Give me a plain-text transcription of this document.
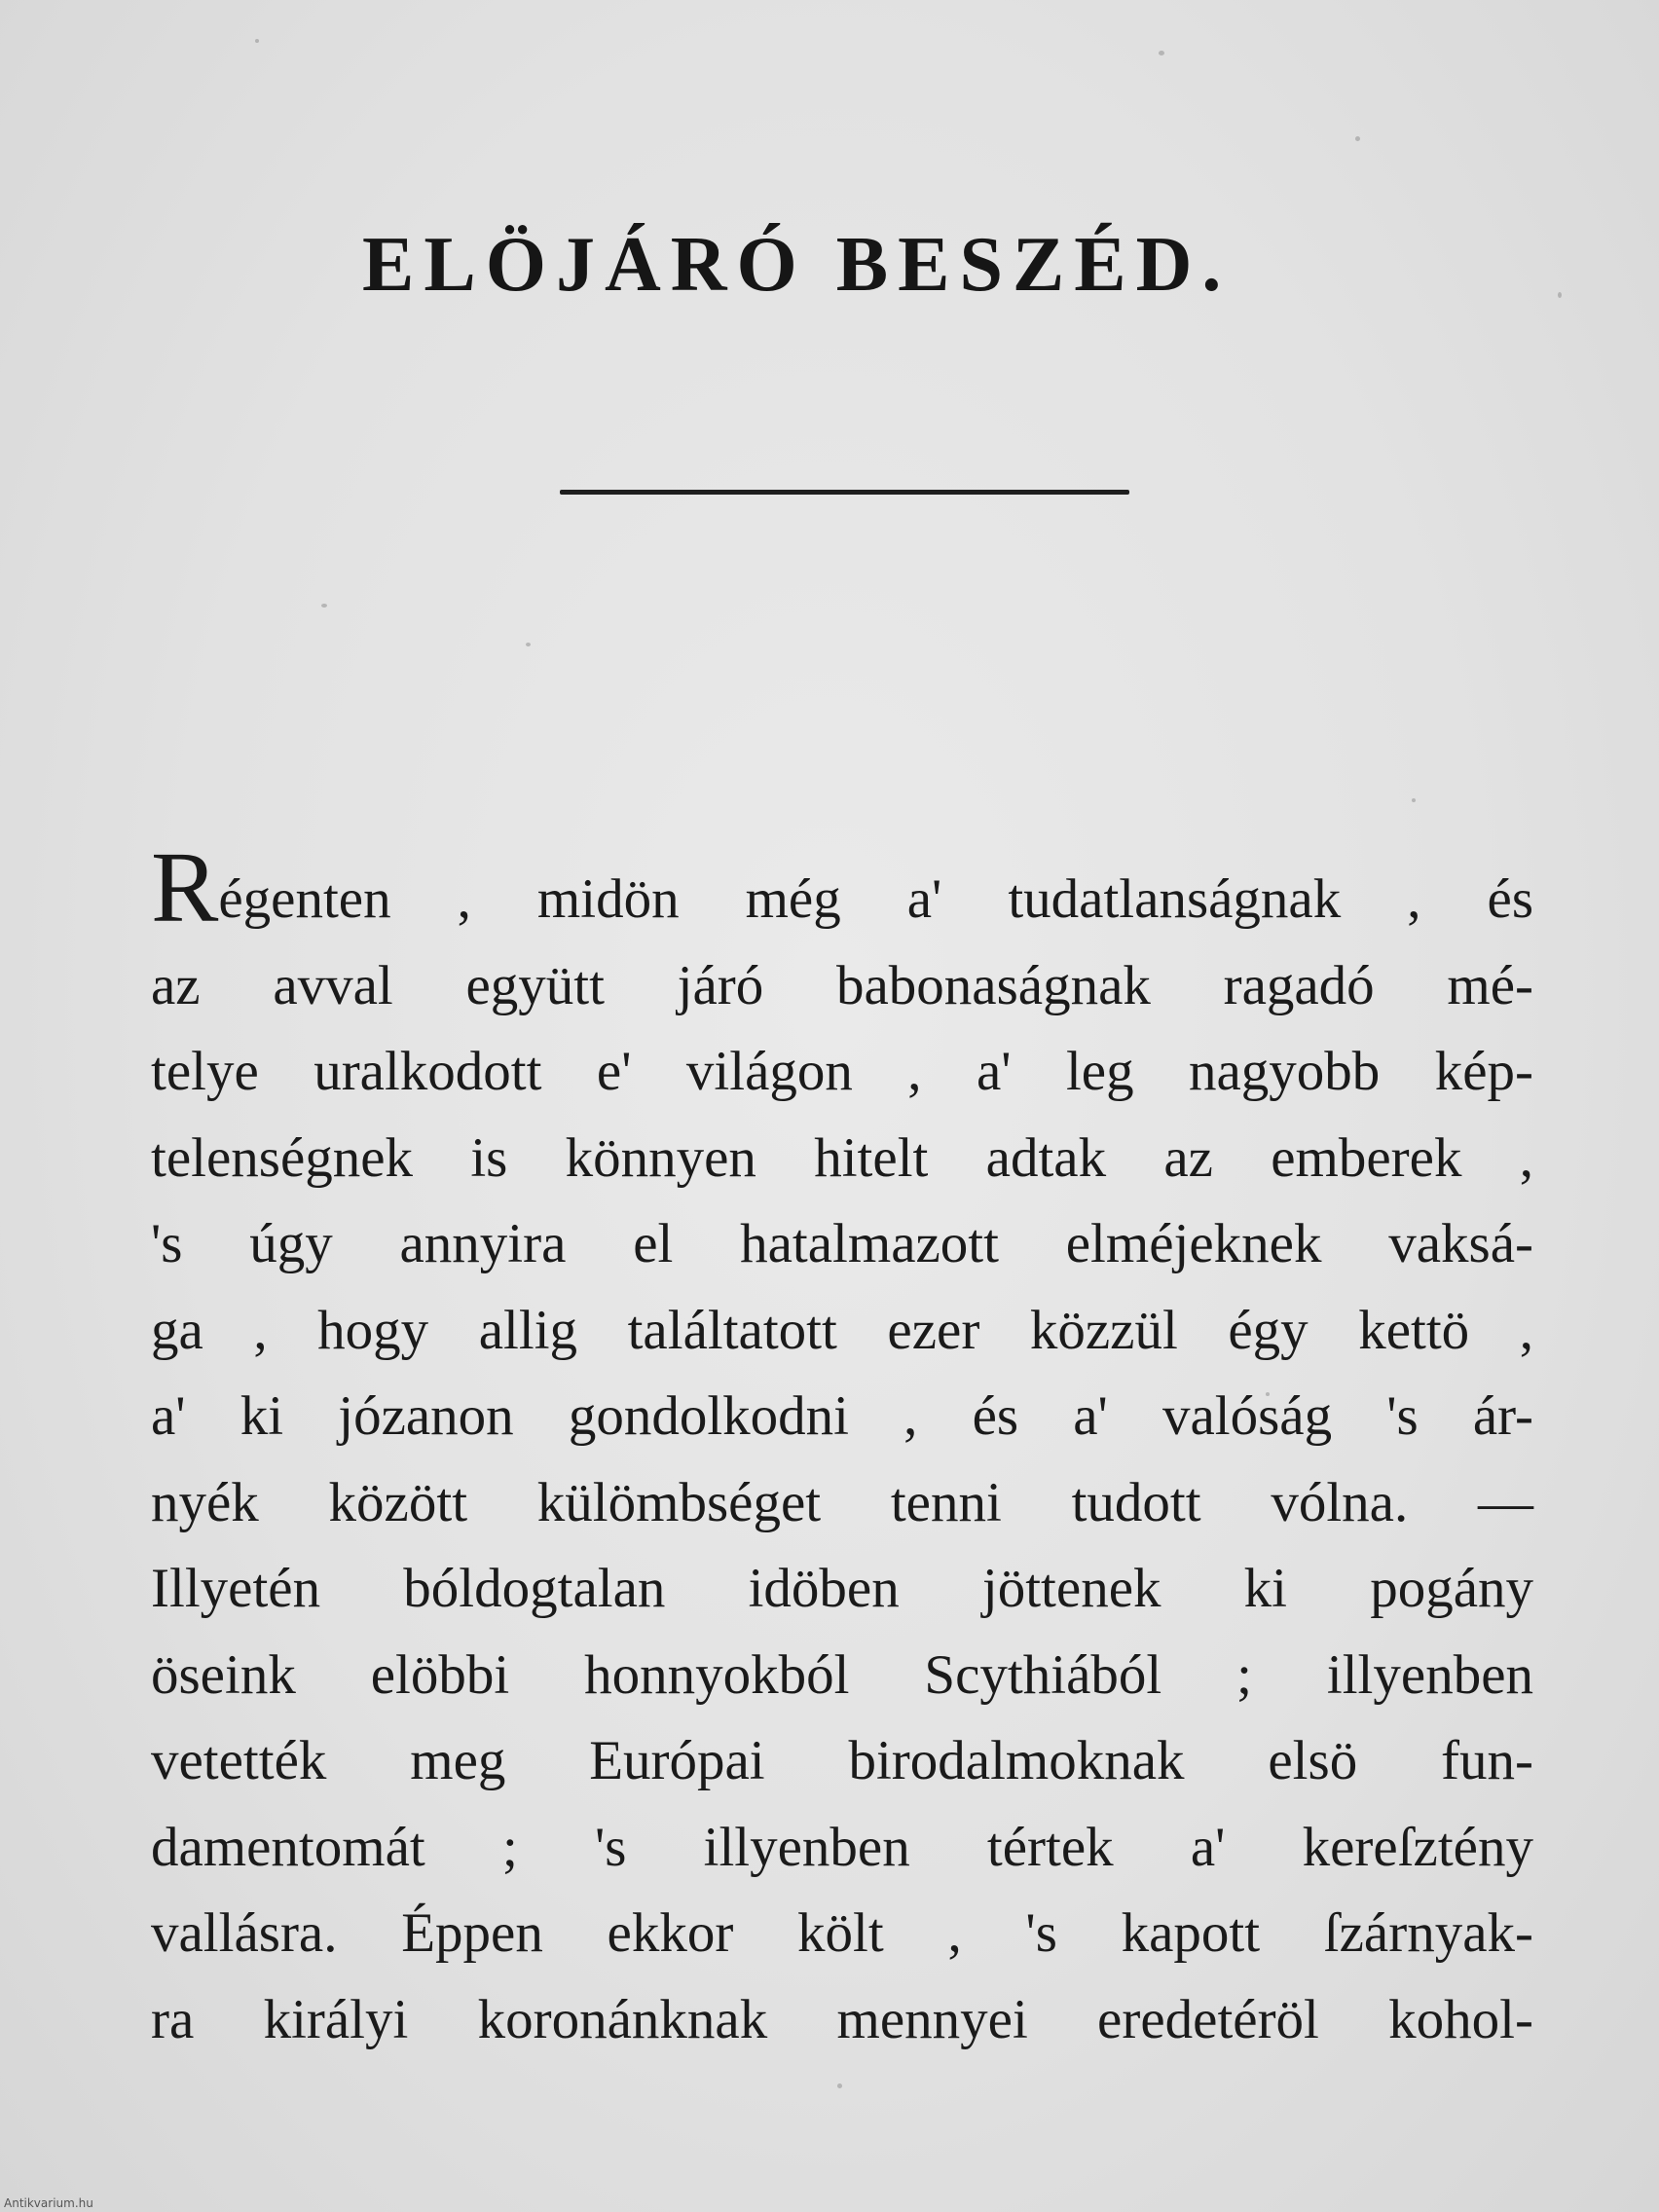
ELÖJÁRÓ BESZÉD.
Régenten , midön még a' tudatlanságnak , és
az avval együtt járó babonaságnak ragadó mé-
telye uralkodott e' világon , a' leg nagyobb kép-
telenségnek is könnyen hitelt adtak az emberek ,
's úgy annyira el hatalmazott elméjeknek vaksá-
ga , hogy allig találtatott ezer közzül égy kettö ,
a' ki józanon gondolkodni , és a' valóság 's ár-
nyék között külömbséget tenni tudott vólna. —
Illyetén bóldogtalan idöben jöttenek ki pogány
öseink elöbbi honnyokból Scythiából ; illyenben
vetették meg Európai birodalmoknak elsö fun-
damentomát ; 's illyenben tértek a' kereſztény
vallásra. Éppen ekkor költ , 's kapott ſzárnyak-
ra királyi koronánknak mennyei eredetéröl kohol-
Antikvarium.hu
